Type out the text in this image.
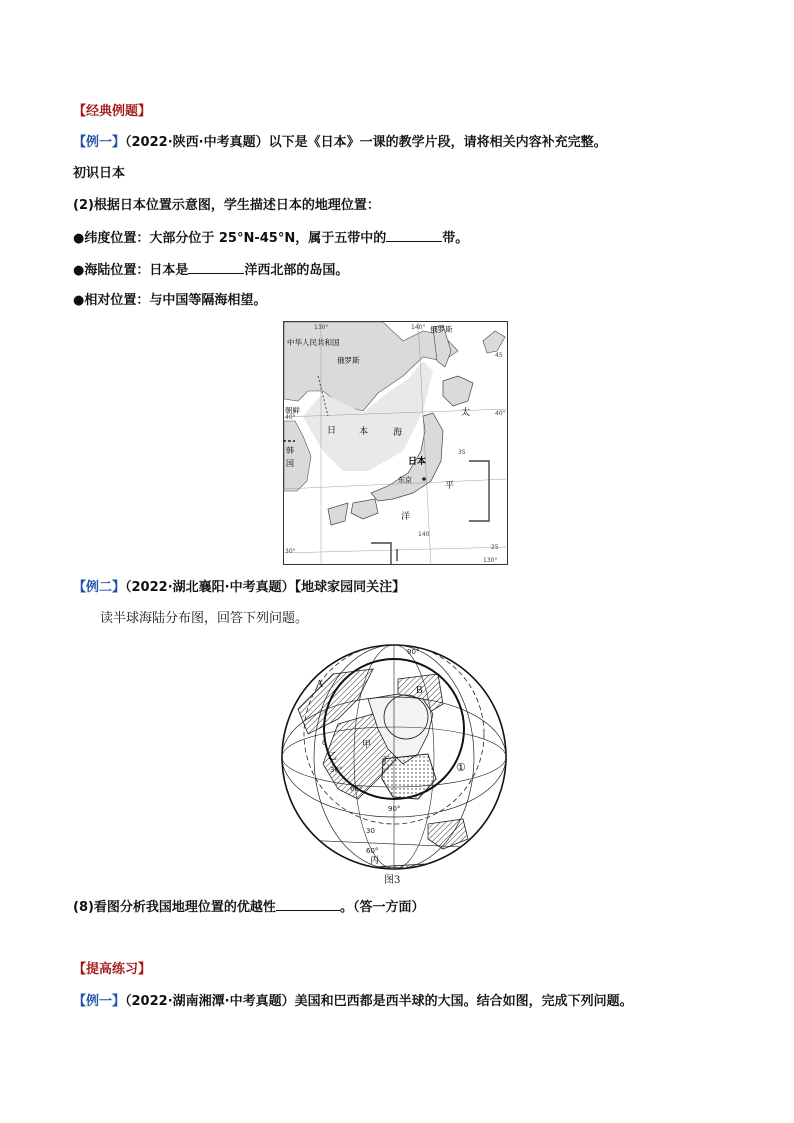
【经典例题】
【例一】（2022·陕西·中考真题）以下是《日本》一课的教学片段，请将相关内容补充完整。
初识日本
(2)根据日本位置示意图，学生描述日本的地理位置：
●纬度位置：大部分位于 25°N-45°N，属于五带中的	带。
●海陆位置：日本是	洋西北部的岛国。
●相对位置：与中国等隔海相望。
中华人民共和国
俄罗斯
俄罗斯
朝鲜
韩
国
日	本	海
日本
东京
太
平
洋
130°	140°
45
40°
40°
35
30°
130°
140
25
【例二】（2022·湖北襄阳·中考真题）【地球家园同关注】
读半球海陆分布图，回答下列问题。
A
B
甲
乙	丁
丙
①
90°
0
30°
60°
90°
30
60°
图3
(8)看图分析我国地理位置的优越性	。（答一方面）
【提高练习】
【例一】（2022·湖南湘潭·中考真题）美国和巴西都是西半球的大国。结合如图，完成下列问题。
